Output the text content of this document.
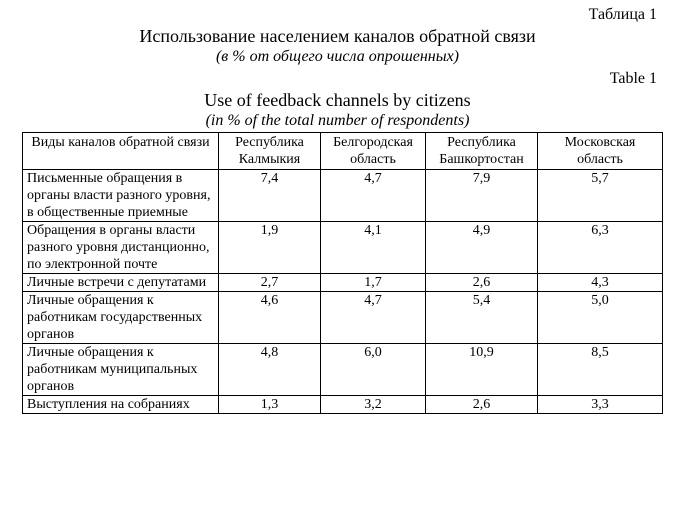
Таблица 1
Использование населением каналов обратной связи
(в % от общего числа опрошенных)
Table 1
Use of feedback channels by citizens
(in % of the total number of respondents)
Виды каналов обратной связи	Республика Калмыкия	Белгородская область	Республика Башкортостан	Московская область
Письменные обращения в органы власти разного уровня, в общественные приемные	7,4	4,7	7,9	5,7
Обращения в органы власти разного уровня дистанционно, по электронной почте	1,9	4,1	4,9	6,3
Личные встречи с депутатами	2,7	1,7	2,6	4,3
Личные обращения к работникам государственных органов	4,6	4,7	5,4	5,0
Личные обращения к работникам муниципальных органов	4,8	6,0	10,9	8,5
Выступления на собраниях	1,3	3,2	2,6	3,3
